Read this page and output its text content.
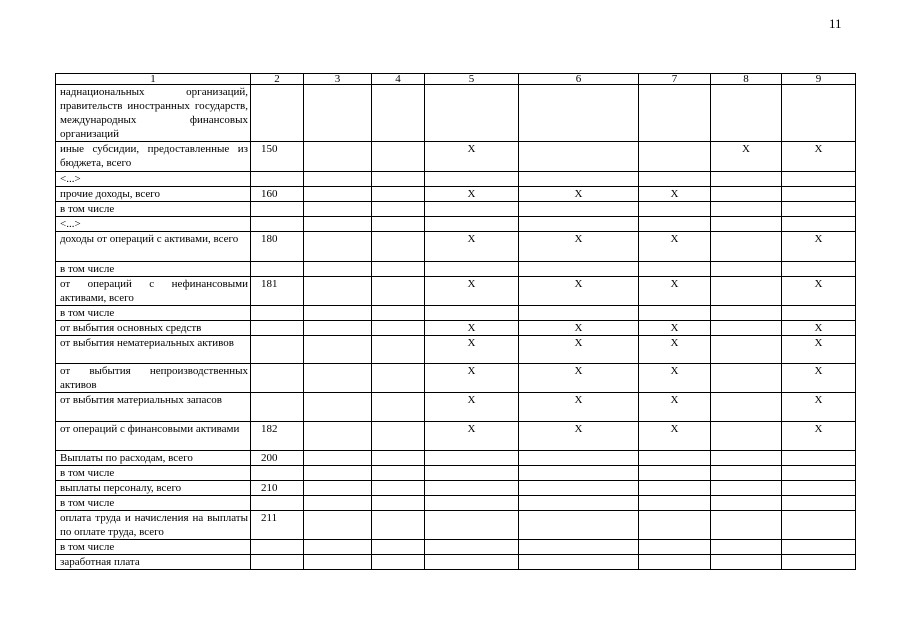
11
1	2	3	4	5	6	7	8	9
наднациональных организаций, правительств иностранных государств, международных финансовых организаций								
иные субсидии, предоставленные из бюджета, всего	150			X			X	X
<...>								
прочие доходы, всего	160			X	X	X		
в том числе								
<...>								
доходы от операций с активами, всего	180			X	X	X		X
в том числе								
от операций с нефинансовыми активами, всего	181			X	X	X		X
в том числе								
от выбытия основных средств				X	X	X		X
от выбытия нематериальных активов				X	X	X		X
от выбытия непроизводственных активов				X	X	X		X
от выбытия материальных запасов				X	X	X		X
от операций с финансовыми активами	182			X	X	X		X
Выплаты по расходам, всего	200							
в том числе								
выплаты персоналу, всего	210							
в том числе								
оплата труда и начисления на выплаты по оплате труда, всего	211							
в том числе								
заработная плата								
